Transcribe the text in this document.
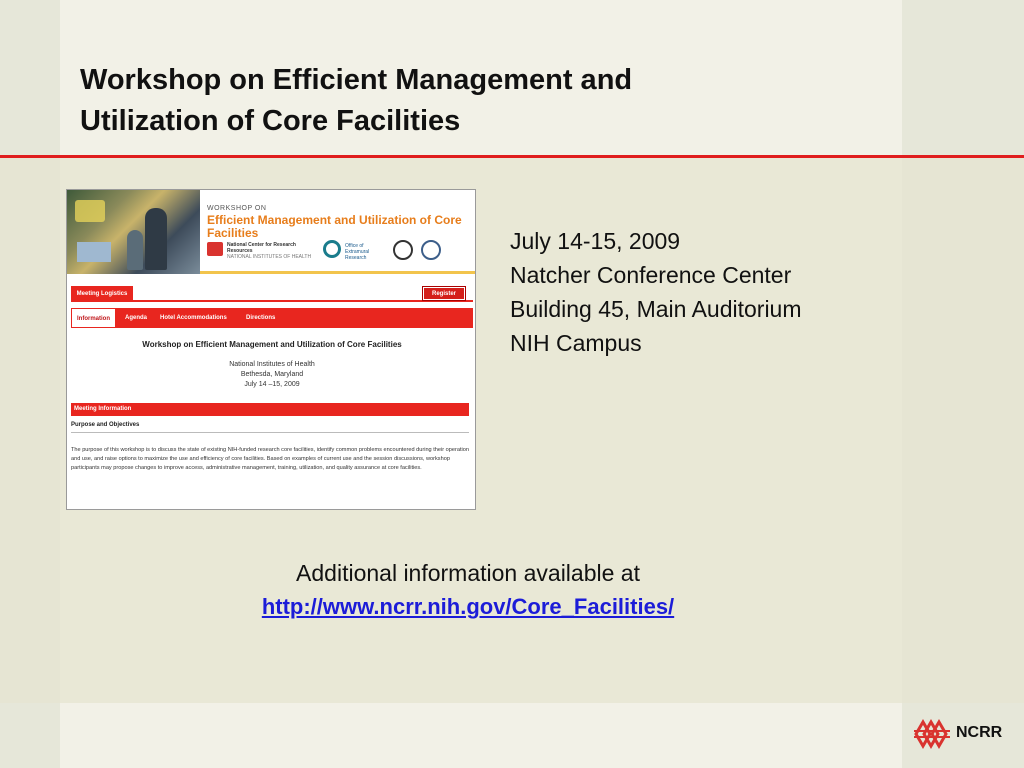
Workshop on Efficient Management and
Utilization of Core Facilities
WORKSHOP ON
Efficient Management and Utilization of Core Facilities
National Center for Research Resources
NATIONAL INSTITUTES OF HEALTH
Office of
Extramural Research
Meeting Logistics	Register
Information	Agenda Hotel Accommodations	Directions
Workshop on Efficient Management and Utilization of Core Facilities
National Institutes of Health
Bethesda, Maryland
July 14 –15, 2009
Meeting Information
Purpose and Objectives
The purpose of this workshop is to discuss the state of existing NIH-funded research core facilities, identify common problems encountered during their operation and use, and raise options to maximize the use and efficiency of core facilities. Based on examples of current use and the session discussions, workshop participants may propose changes to improve access, administrative management, training, utilization, and quality assurance at core facilities.
July 14-15, 2009
Natcher Conference Center
Building 45, Main Auditorium
NIH Campus
Additional information available at
http://www.ncrr.nih.gov/Core_Facilities/
NCRR
